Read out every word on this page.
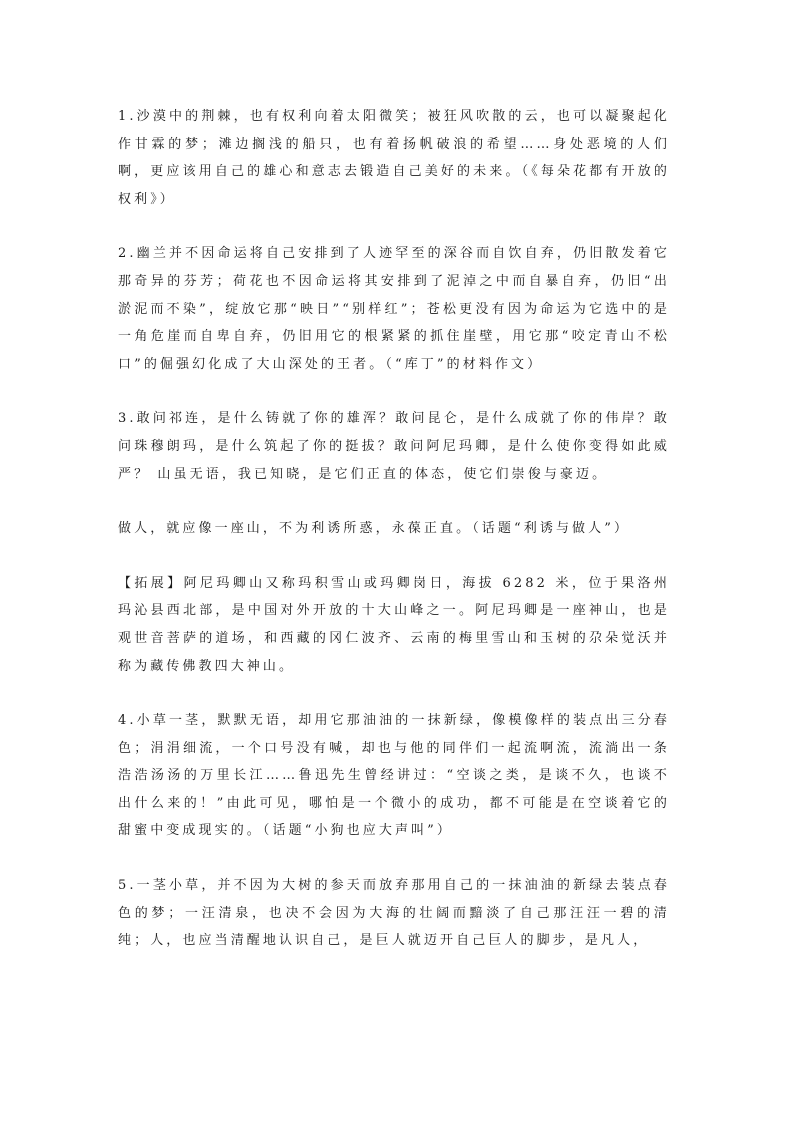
1.沙漠中的荆棘，也有权利向着太阳微笑；被狂风吹散的云，也可以凝聚起化作甘霖的梦；滩边搁浅的船只，也有着扬帆破浪的希望……身处恶境的人们啊，更应该用自己的雄心和意志去锻造自己美好的未来。（《每朵花都有开放的权利》）

2.幽兰并不因命运将自己安排到了人迹罕至的深谷而自饮自弃，仍旧散发着它那奇异的芬芳；荷花也不因命运将其安排到了泥淖之中而自暴自弃，仍旧“出淤泥而不染”，绽放它那“映日”“别样红”；苍松更没有因为命运为它选中的是一角危崖而自卑自弃，仍旧用它的根紧紧的抓住崖壁，用它那“咬定青山不松口”的倔强幻化成了大山深处的王者。（“库丁”的材料作文）

3.敢问祁连，是什么铸就了你的雄浑？敢问昆仑，是什么成就了你的伟岸？敢问珠穆朗玛，是什么筑起了你的挺拔？敢问阿尼玛卿，是什么使你变得如此威严？ 山虽无语，我已知晓，是它们正直的体态，使它们崇俊与豪迈。

做人，就应像一座山，不为利诱所惑，永葆正直。（话题“利诱与做人”）

【拓展】阿尼玛卿山又称玛积雪山或玛卿岗日，海拔 6282 米，位于果洛州玛沁县西北部，是中国对外开放的十大山峰之一。阿尼玛卿是一座神山，也是观世音菩萨的道场，和西藏的冈仁波齐、云南的梅里雪山和玉树的尕朵觉沃并称为藏传佛教四大神山。

4.小草一茎，默默无语，却用它那油油的一抹新绿，像模像样的装点出三分春色；涓涓细流，一个口号没有喊，却也与他的同伴们一起流啊流，流淌出一条浩浩汤汤的万里长江……鲁迅先生曾经讲过：“空谈之类，是谈不久，也谈不出什么来的！”由此可见，哪怕是一个微小的成功，都不可能是在空谈着它的甜蜜中变成现实的。（话题“小狗也应大声叫”）

5.一茎小草，并不因为大树的参天而放弃那用自己的一抹油油的新绿去装点春色的梦；一汪清泉，也决不会因为大海的壮阔而黯淡了自己那汪汪一碧的清纯；人，也应当清醒地认识自己，是巨人就迈开自己巨人的脚步，是凡人，
